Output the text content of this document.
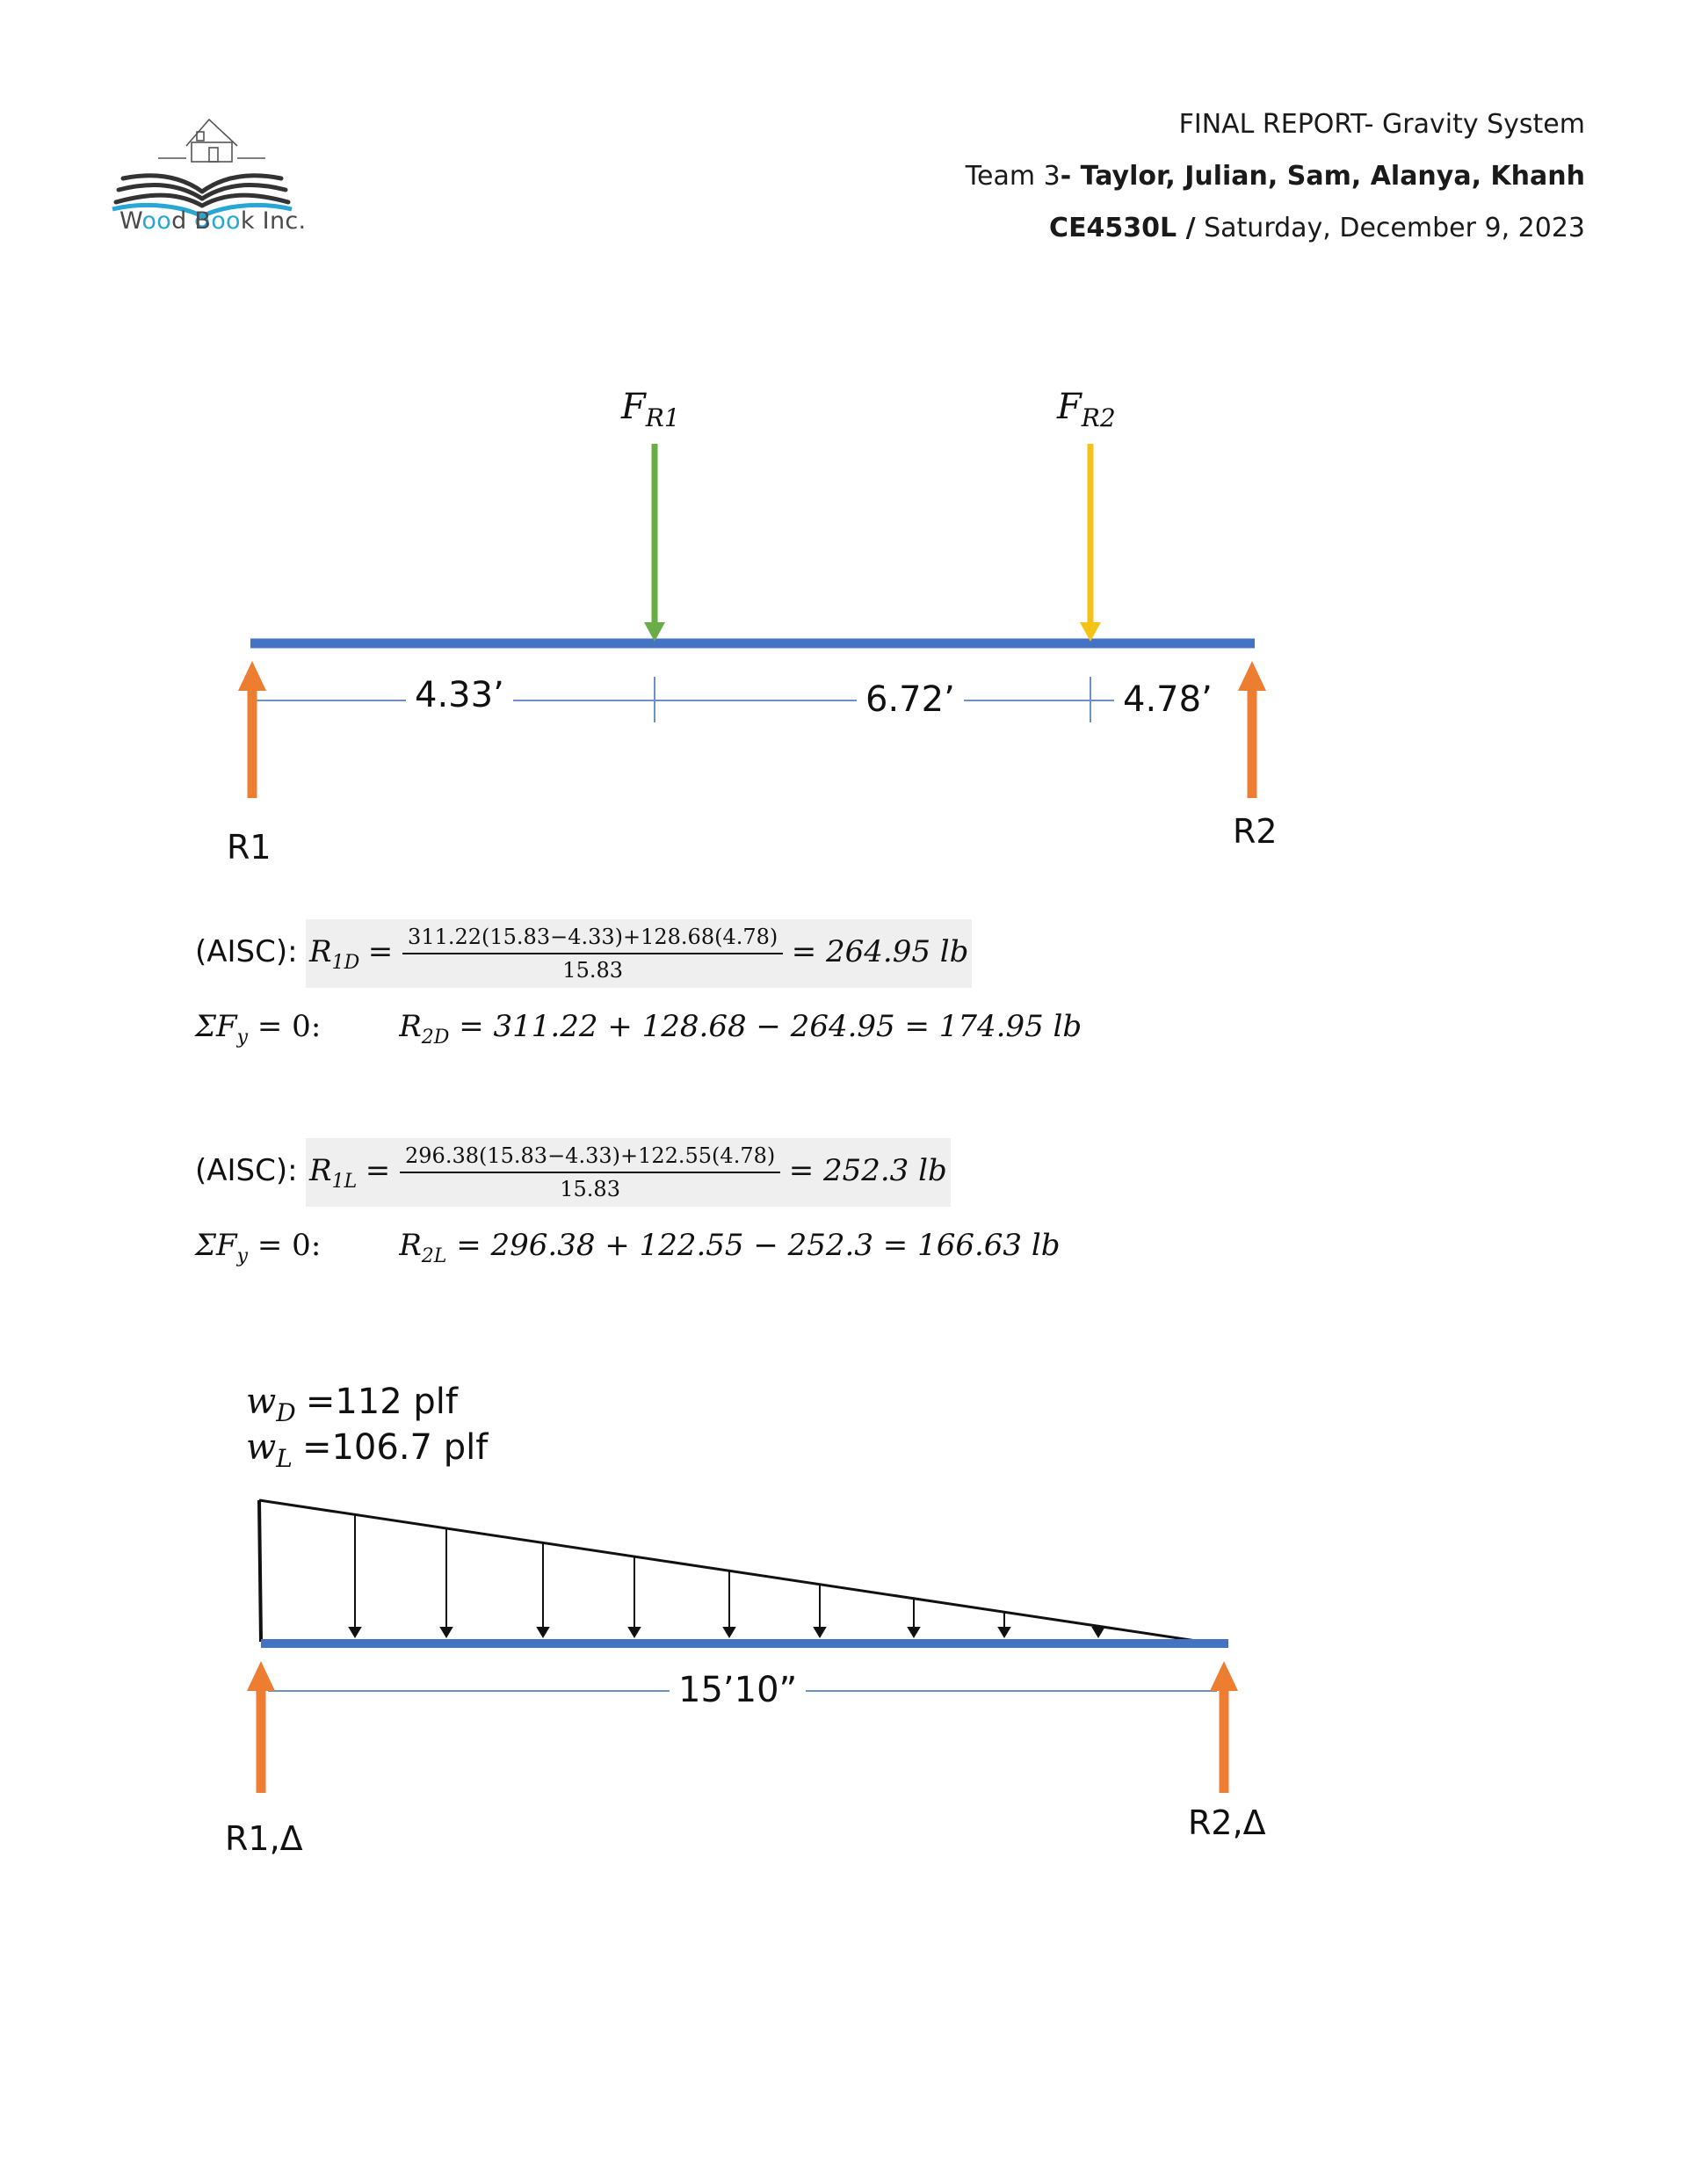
Wood Book Inc.
FINAL REPORT- Gravity System
Team 3- Taylor, Julian, Sam, Alanya, Khanh
CE4530L / Saturday, December 9, 2023
$F_{R1}$	$F_{R2}$
4.33’	6.72’	4.78’
R1	R2
(AISC): $R_{1D} = \frac{311.22(15.83-4.33)+128.68(4.78)}{15.83} = 264.95$ lb
$\Sigma F_y = 0$:	$R_{2D} = 311.22 + 128.68 - 264.95 = 174.95$ lb
(AISC): $R_{1L} = \frac{296.38(15.83-4.33)+122.55(4.78)}{15.83} = 252.3$ lb
$\Sigma F_y = 0$:	$R_{2L} = 296.38 + 122.55 - 252.3 = 166.63$ lb
$w_D =112$ plf
$w_L =106.7$ plf
15’10”
R1,Δ	R2,Δ
